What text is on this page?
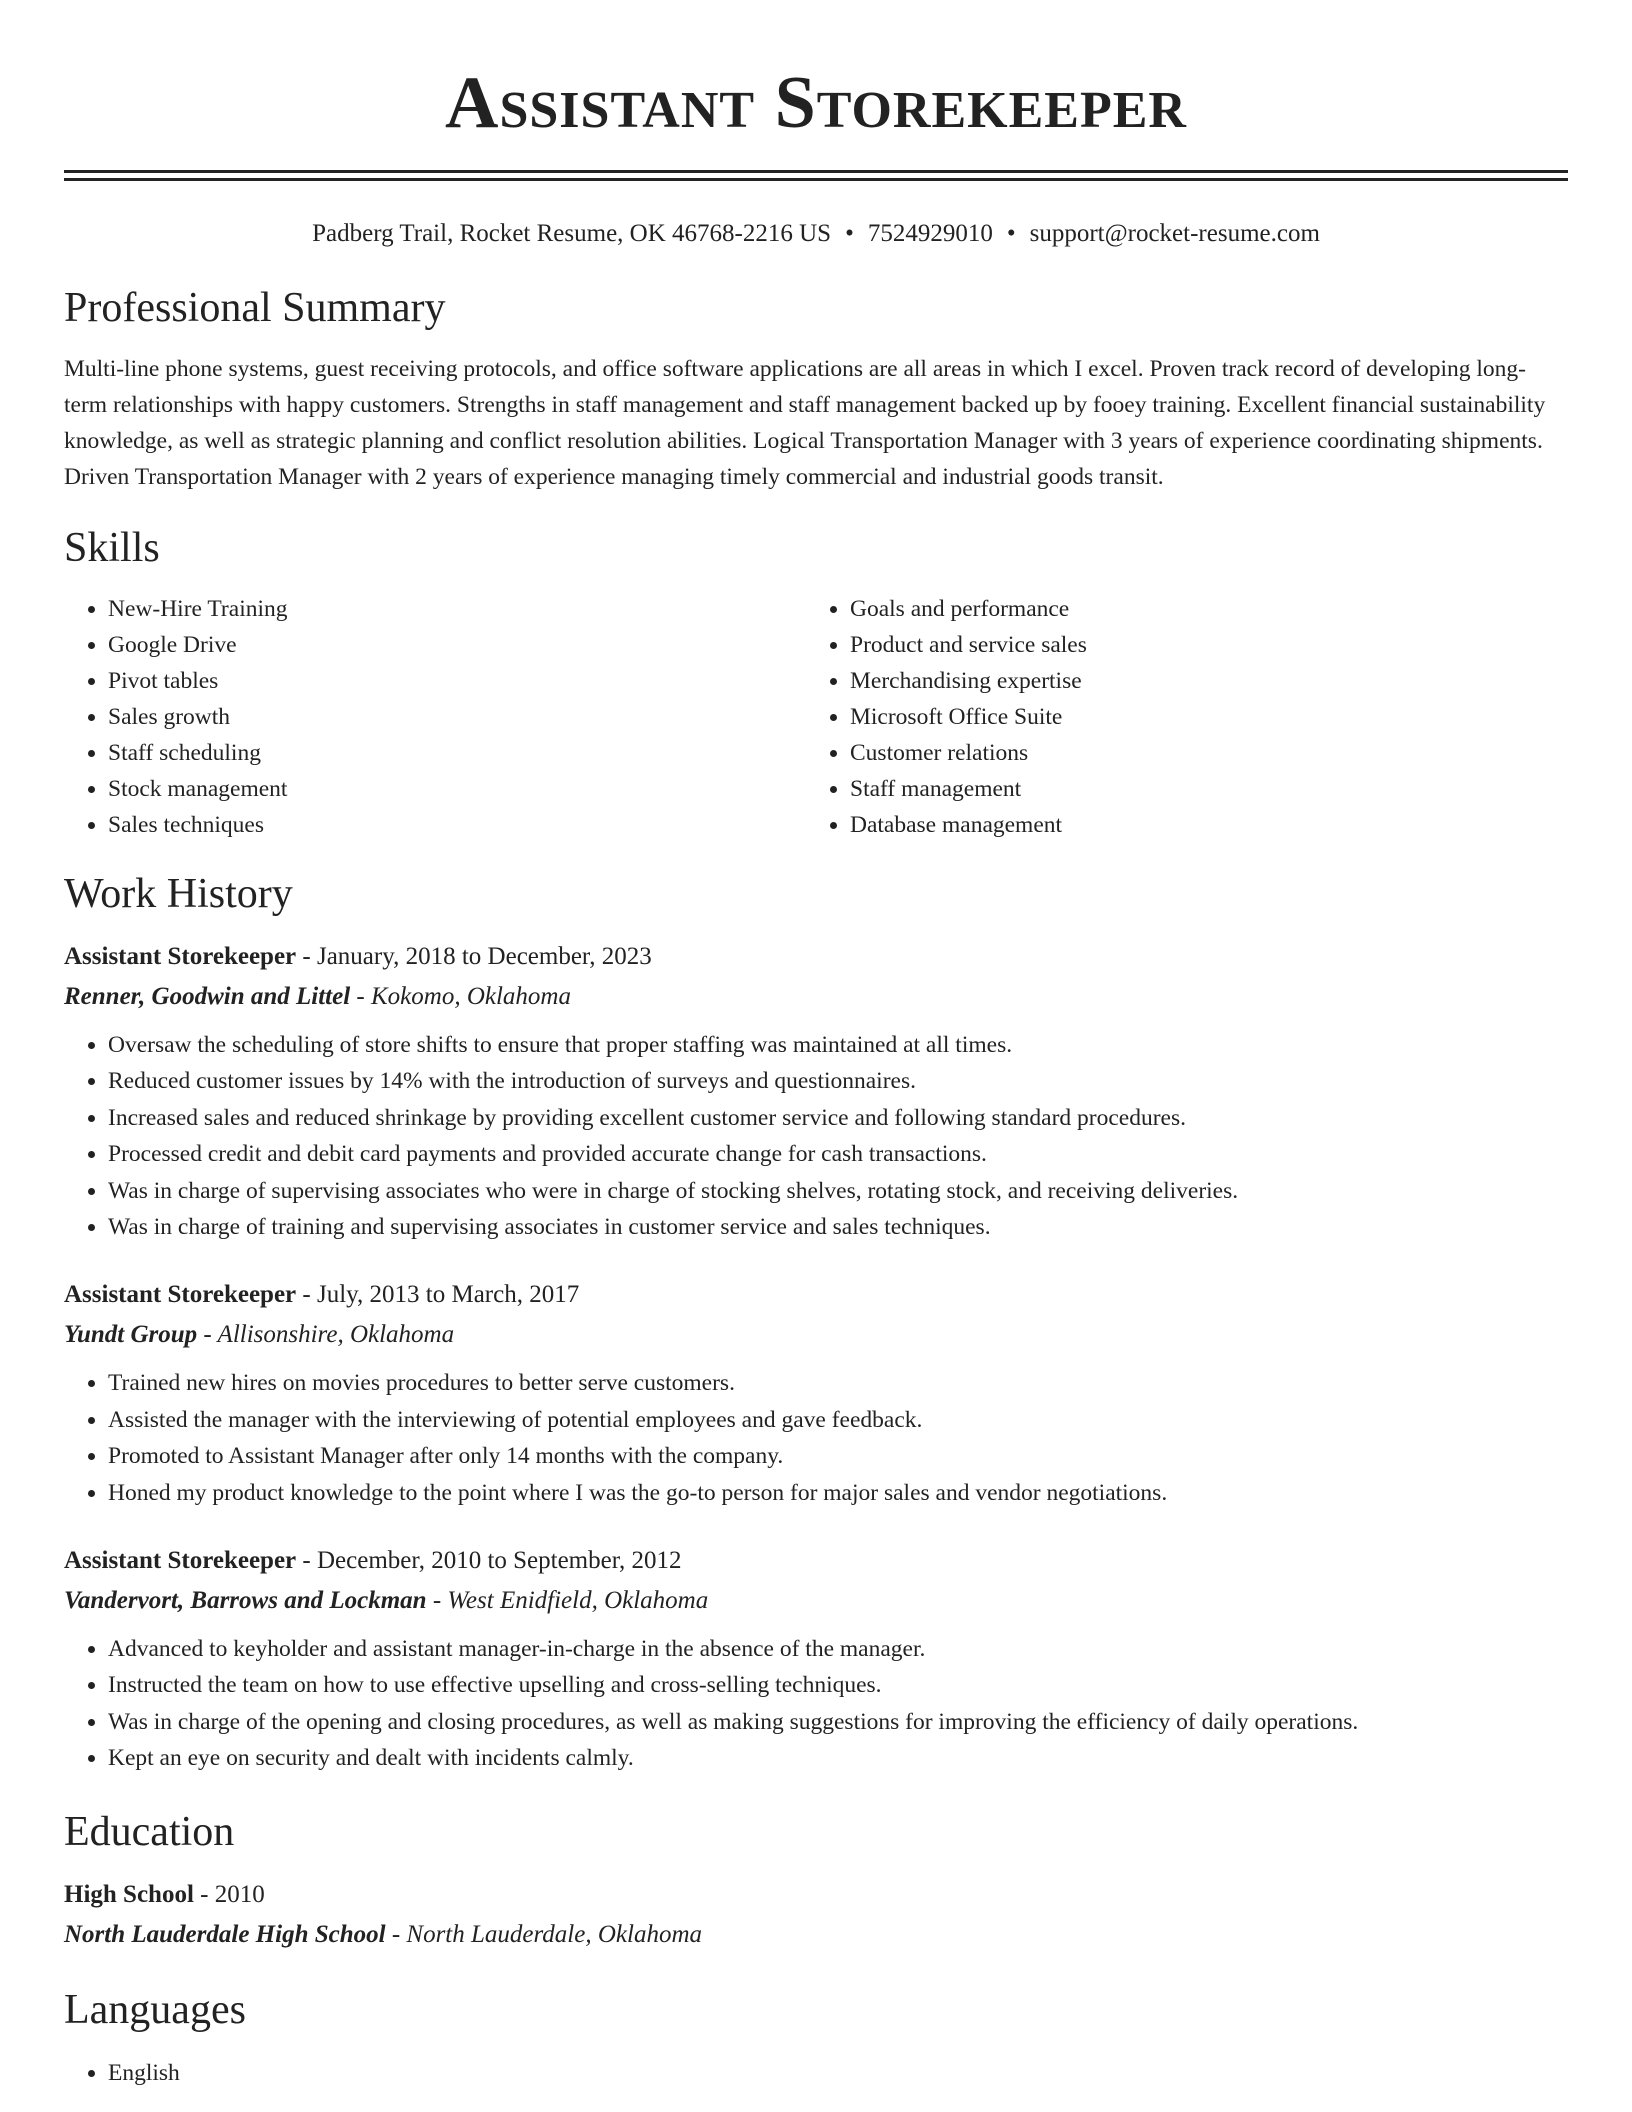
Assistant Storekeeper
Padberg Trail, Rocket Resume, OK 46768-2216 US • 7524929010 • support@rocket-resume.com
Professional Summary
Multi-line phone systems, guest receiving protocols, and office software applications are all areas in which I excel. Proven track record of developing long-term relationships with happy customers. Strengths in staff management and staff management backed up by fooey training. Excellent financial sustainability knowledge, as well as strategic planning and conflict resolution abilities. Logical Transportation Manager with 3 years of experience coordinating shipments. Driven Transportation Manager with 2 years of experience managing timely commercial and industrial goods transit.
Skills
• New-Hire Training
• Google Drive
• Pivot tables
• Sales growth
• Staff scheduling
• Stock management
• Sales techniques
• Goals and performance
• Product and service sales
• Merchandising expertise
• Microsoft Office Suite
• Customer relations
• Staff management
• Database management
Work History
Assistant Storekeeper - January, 2018 to December, 2023
Renner, Goodwin and Littel - Kokomo, Oklahoma
• Oversaw the scheduling of store shifts to ensure that proper staffing was maintained at all times.
• Reduced customer issues by 14% with the introduction of surveys and questionnaires.
• Increased sales and reduced shrinkage by providing excellent customer service and following standard procedures.
• Processed credit and debit card payments and provided accurate change for cash transactions.
• Was in charge of supervising associates who were in charge of stocking shelves, rotating stock, and receiving deliveries.
• Was in charge of training and supervising associates in customer service and sales techniques.
Assistant Storekeeper - July, 2013 to March, 2017
Yundt Group - Allisonshire, Oklahoma
• Trained new hires on movies procedures to better serve customers.
• Assisted the manager with the interviewing of potential employees and gave feedback.
• Promoted to Assistant Manager after only 14 months with the company.
• Honed my product knowledge to the point where I was the go-to person for major sales and vendor negotiations.
Assistant Storekeeper - December, 2010 to September, 2012
Vandervort, Barrows and Lockman - West Enidfield, Oklahoma
• Advanced to keyholder and assistant manager-in-charge in the absence of the manager.
• Instructed the team on how to use effective upselling and cross-selling techniques.
• Was in charge of the opening and closing procedures, as well as making suggestions for improving the efficiency of daily operations.
• Kept an eye on security and dealt with incidents calmly.
Education
High School - 2010
North Lauderdale High School - North Lauderdale, Oklahoma
Languages
• English
